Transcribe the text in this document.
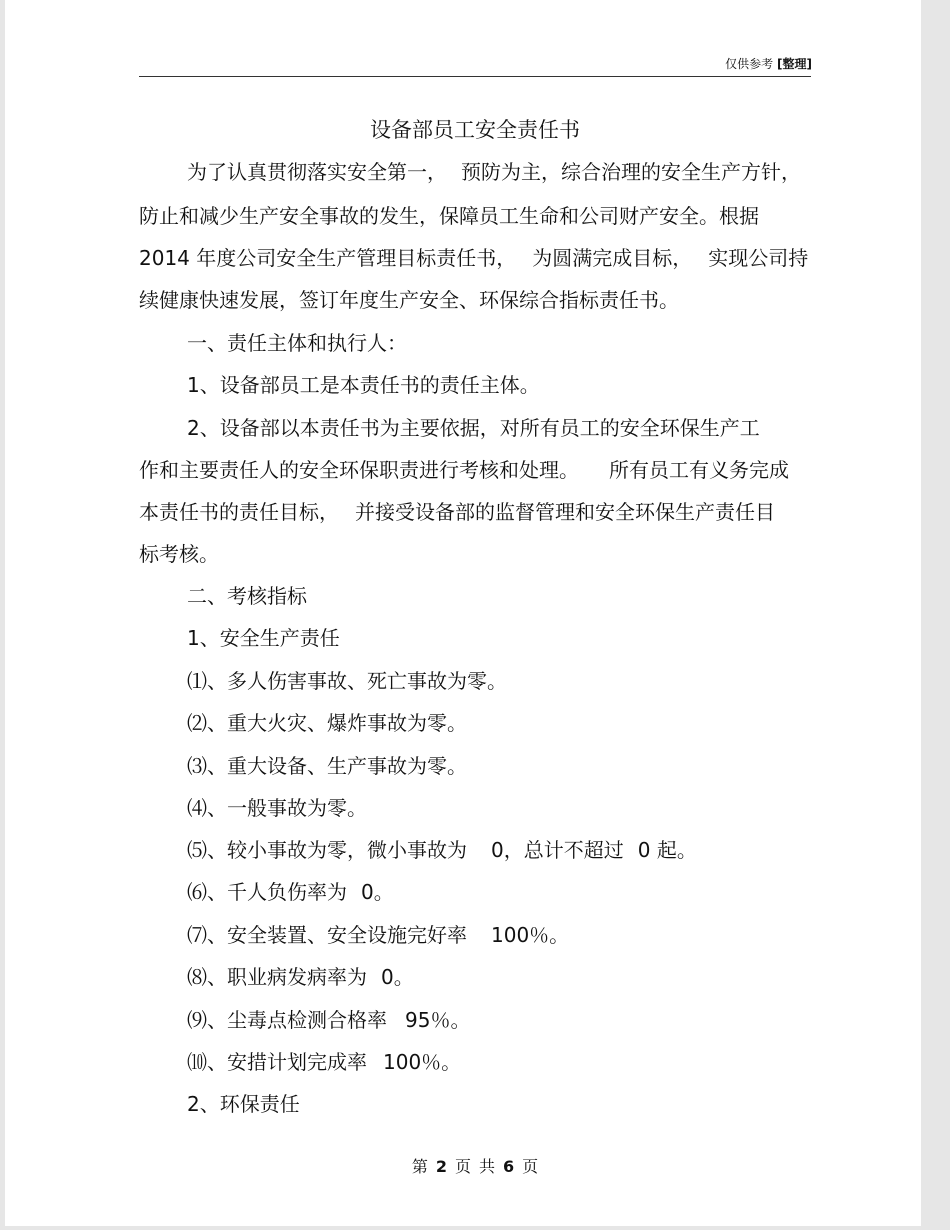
仅供参考 [整理]
设备部员工安全责任书
为了认真贯彻落实安全第一， 预防为主，综合治理的安全生产方针，
防止和减少生产安全事故的发生，保障员工生命和公司财产安全。根据
2014 年度公司安全生产管理目标责任书， 为圆满完成目标， 实现公司持
续健康快速发展，签订年度生产安全、环保综合指标责任书。
一、责任主体和执行人：
1、设备部员工是本责任书的责任主体。
2、设备部以本责任书为主要依据，对所有员工的安全环保生产工
作和主要责任人的安全环保职责进行考核和处理。 所有员工有义务完成
本责任书的责任目标， 并接受设备部的监督管理和安全环保生产责任目
标考核。
二、考核指标
1、安全生产责任
⑴、多人伤害事故、死亡事故为零。
⑵、重大火灾、爆炸事故为零。
⑶、重大设备、生产事故为零。
⑷、一般事故为零。
⑸、较小事故为零，微小事故为 0，总计不超过 0 起。
⑹、千人负伤率为 0。
⑺、安全装置、安全设施完好率 100％。
⑻、职业病发病率为 0。
⑼、尘毒点检测合格率 95％。
⑽、安措计划完成率 100％。
2、环保责任
第 2 页 共 6 页
